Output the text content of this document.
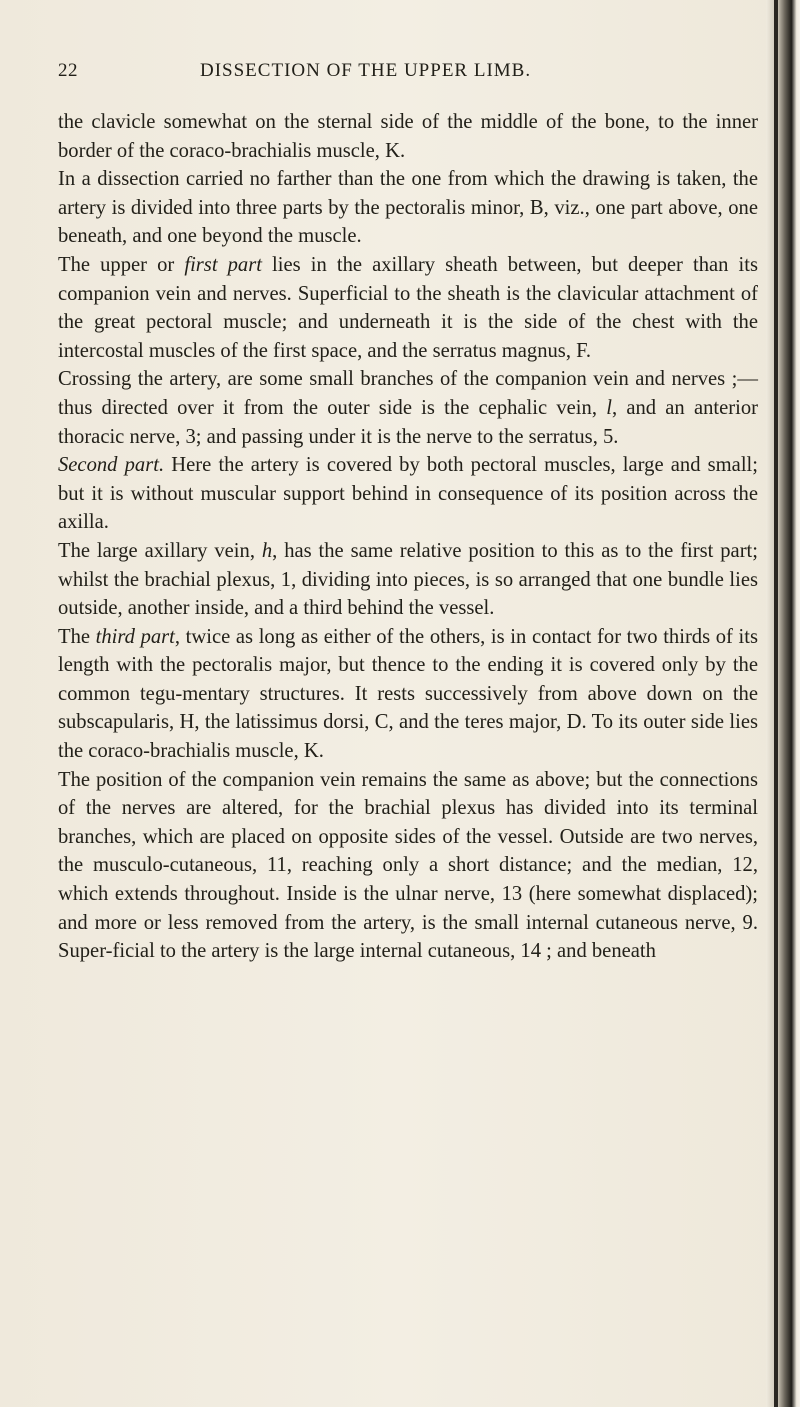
22	DISSECTION OF THE UPPER LIMB.

the clavicle somewhat on the sternal side of the middle of the bone, to the inner border of the coraco-brachialis muscle, K.

In a dissection carried no farther than the one from which the drawing is taken, the artery is divided into three parts by the pectoralis minor, B, viz., one part above, one beneath, and one beyond the muscle.

The upper or first part lies in the axillary sheath between, but deeper than its companion vein and nerves. Superficial to the sheath is the clavicular attachment of the great pectoral muscle; and underneath it is the side of the chest with the intercostal muscles of the first space, and the serratus magnus, F.

Crossing the artery, are some small branches of the companion vein and nerves ;—thus directed over it from the outer side is the cephalic vein, l, and an anterior thoracic nerve, 3; and passing under it is the nerve to the serratus, 5.

Second part. Here the artery is covered by both pectoral muscles, large and small; but it is without muscular support behind in consequence of its position across the axilla.

The large axillary vein, h, has the same relative position to this as to the first part; whilst the brachial plexus, 1, dividing into pieces, is so arranged that one bundle lies outside, another inside, and a third behind the vessel.

The third part, twice as long as either of the others, is in contact for two thirds of its length with the pectoralis major, but thence to the ending it is covered only by the common tegu-mentary structures. It rests successively from above down on the subscapularis, H, the latissimus dorsi, C, and the teres major, D. To its outer side lies the coraco-brachialis muscle, K.

The position of the companion vein remains the same as above; but the connections of the nerves are altered, for the brachial plexus has divided into its terminal branches, which are placed on opposite sides of the vessel. Outside are two nerves, the musculo-cutaneous, 11, reaching only a short distance; and the median, 12, which extends throughout. Inside is the ulnar nerve, 13 (here somewhat displaced); and more or less removed from the artery, is the small internal cutaneous nerve, 9. Super-ficial to the artery is the large internal cutaneous, 14 ; and beneath
